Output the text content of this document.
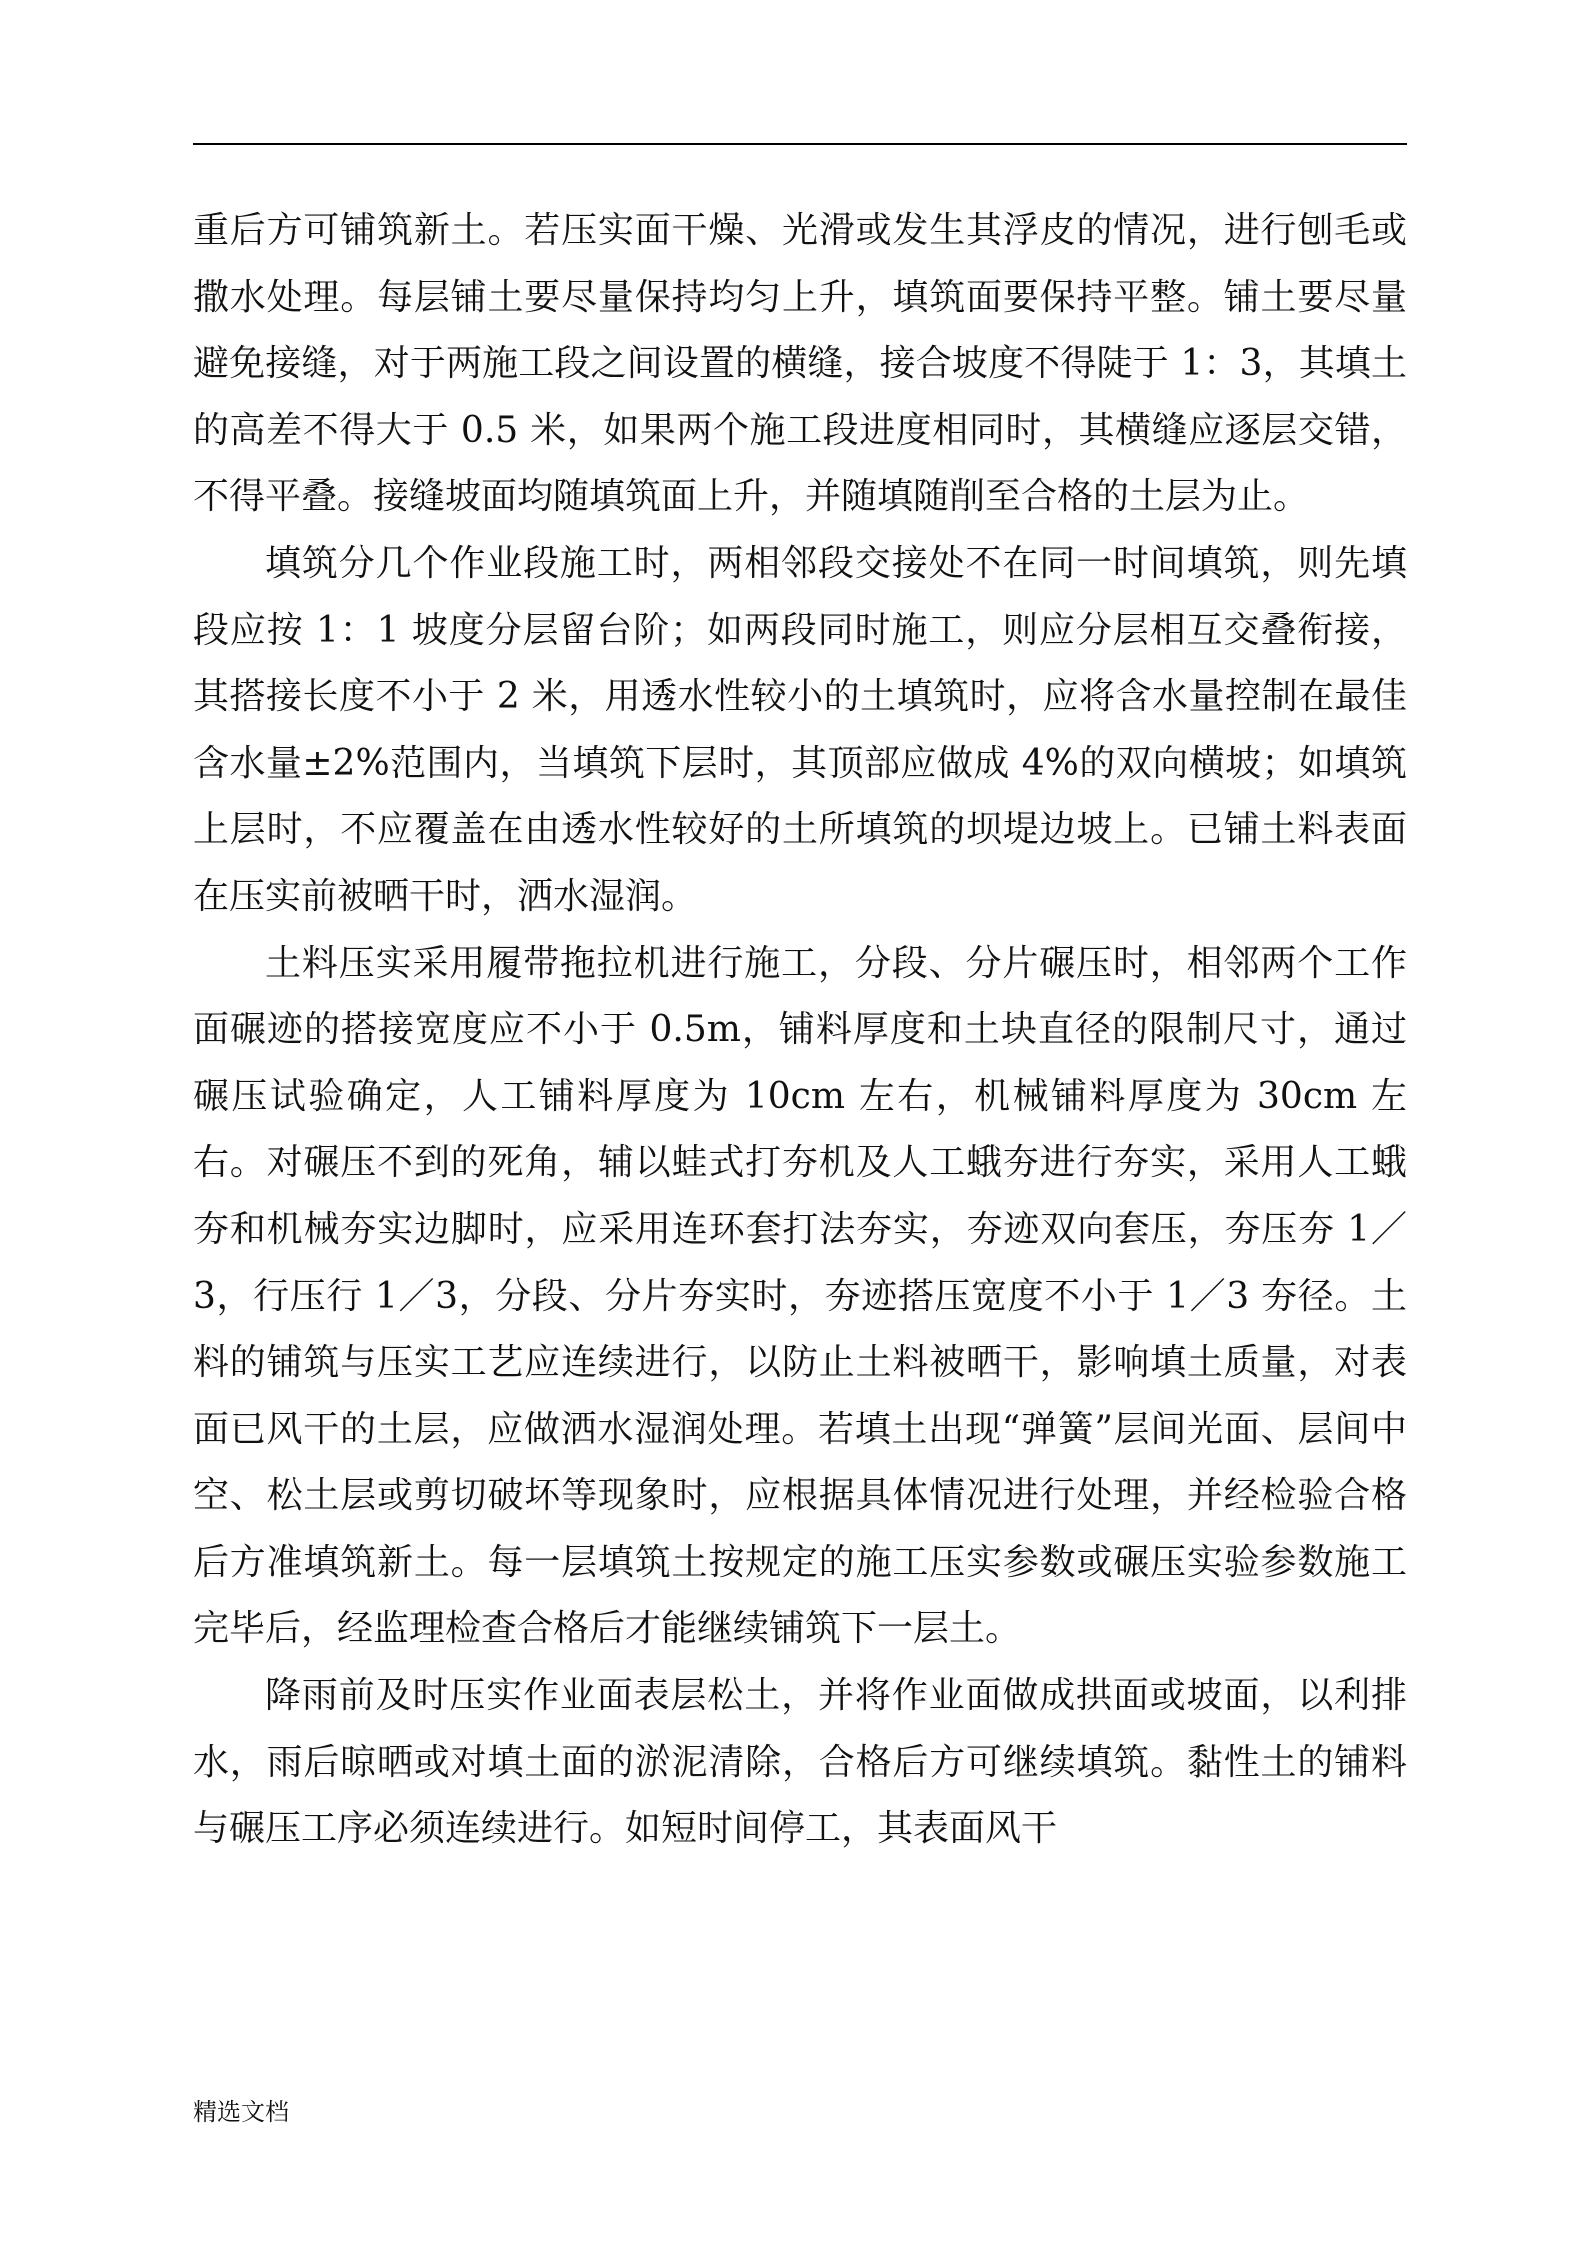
重后方可铺筑新土。若压实面干燥、光滑或发生其浮皮的情况，进行刨毛或撒水处理。每层铺土要尽量保持均匀上升，填筑面要保持平整。铺土要尽量避免接缝，对于两施工段之间设置的横缝，接合坡度不得陡于 1：3，其填土的高差不得大于 0.5 米，如果两个施工段进度相同时，其横缝应逐层交错，不得平叠。接缝坡面均随填筑面上升，并随填随削至合格的土层为止。

填筑分几个作业段施工时，两相邻段交接处不在同一时间填筑，则先填段应按 1：1 坡度分层留台阶；如两段同时施工，则应分层相互交叠衔接，其搭接长度不小于 2 米，用透水性较小的土填筑时，应将含水量控制在最佳含水量±2%范围内，当填筑下层时，其顶部应做成 4%的双向横坡；如填筑上层时，不应覆盖在由透水性较好的土所填筑的坝堤边坡上。已铺土料表面在压实前被晒干时，洒水湿润。

土料压实采用履带拖拉机进行施工，分段、分片碾压时，相邻两个工作面碾迹的搭接宽度应不小于 0.5m，铺料厚度和土块直径的限制尺寸，通过碾压试验确定，人工铺料厚度为 10cm 左右，机械铺料厚度为 30cm 左右。对碾压不到的死角，辅以蛙式打夯机及人工蛾夯进行夯实，采用人工蛾夯和机械夯实边脚时，应采用连环套打法夯实，夯迹双向套压，夯压夯 1／3，行压行 1／3，分段、分片夯实时，夯迹搭压宽度不小于 1／3 夯径。土料的铺筑与压实工艺应连续进行，以防止土料被晒干，影响填土质量，对表面已风干的土层，应做洒水湿润处理。若填土出现“弹簧”层间光面、层间中空、松土层或剪切破坏等现象时，应根据具体情况进行处理，并经检验合格后方准填筑新土。每一层填筑土按规定的施工压实参数或碾压实验参数施工完毕后，经监理检查合格后才能继续铺筑下一层土。

降雨前及时压实作业面表层松土，并将作业面做成拱面或坡面，以利排水，雨后晾晒或对填土面的淤泥清除，合格后方可继续填筑。黏性土的铺料与碾压工序必须连续进行。如短时间停工，其表面风干

精选文档
